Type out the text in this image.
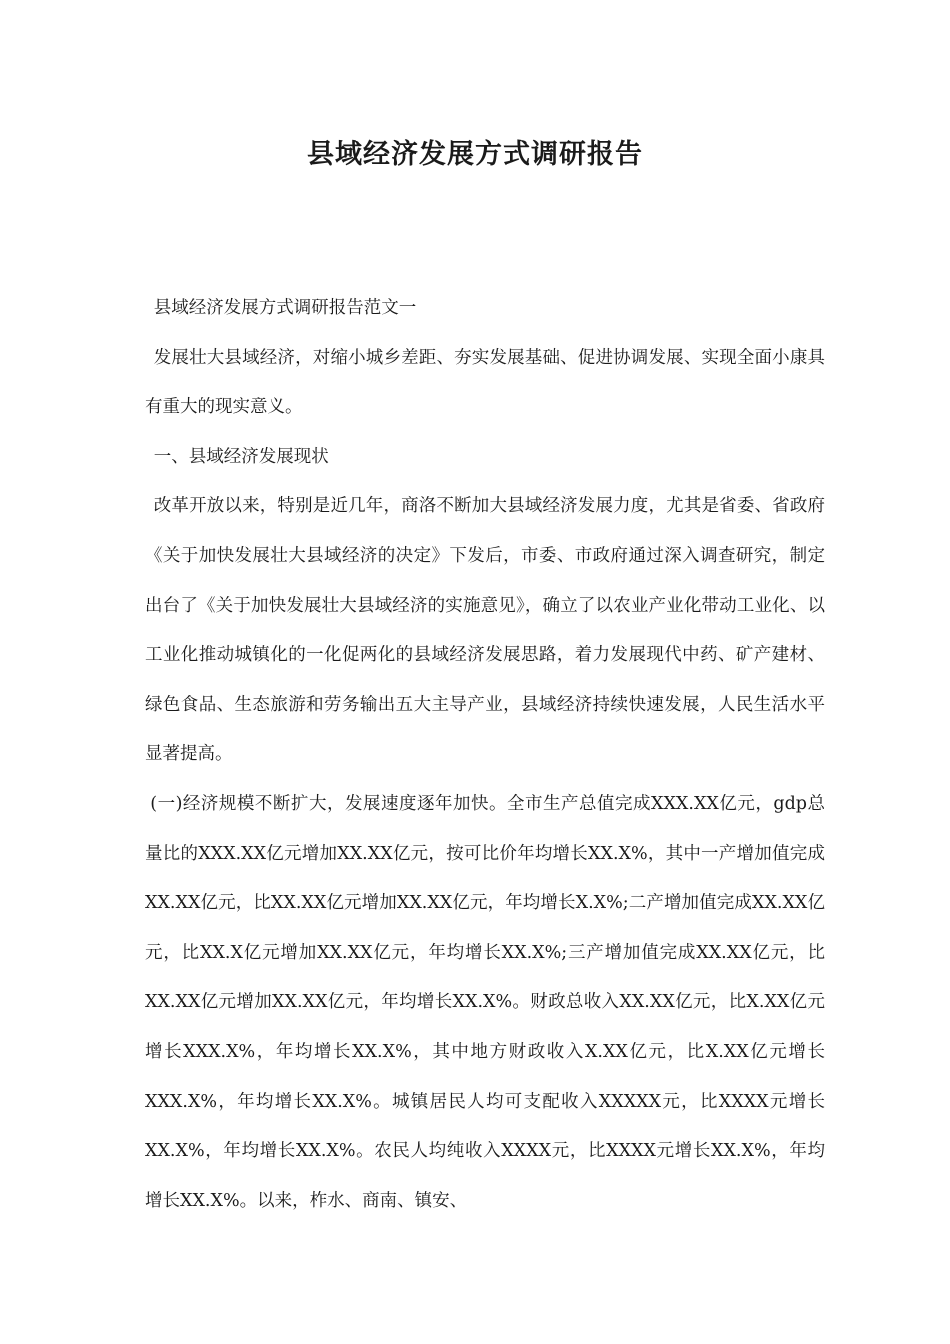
县域经济发展方式调研报告

县域经济发展方式调研报告范文一

发展壮大县域经济，对缩小城乡差距、夯实发展基础、促进协调发展、实现全面小康具有重大的现实意义。

一、县域经济发展现状

改革开放以来，特别是近几年，商洛不断加大县域经济发展力度，尤其是省委、省政府《关于加快发展壮大县域经济的决定》下发后，市委、市政府通过深入调查研究，制定出台了《关于加快发展壮大县域经济的实施意见》，确立了以农业产业化带动工业化、以工业化推动城镇化的一化促两化的县域经济发展思路，着力发展现代中药、矿产建材、绿色食品、生态旅游和劳务输出五大主导产业，县域经济持续快速发展，人民生活水平显著提高。

(一)经济规模不断扩大，发展速度逐年加快。全市生产总值完成XXX.XX亿元，gdp总量比的XXX.XX亿元增加XX.XX亿元，按可比价年均增长XX.X%，其中一产增加值完成XX.XX亿元，比XX.XX亿元增加XX.XX亿元，年均增长X.X%;二产增加值完成XX.XX亿元，比XX.X亿元增加XX.XX亿元，年均增长XX.X%;三产增加值完成XX.XX亿元，比XX.XX亿元增加XX.XX亿元，年均增长XX.X%。财政总收入XX.XX亿元，比X.XX亿元增长XXX.X%，年均增长XX.X%，其中地方财政收入X.XX亿元，比X.XX亿元增长XXX.X%，年均增长XX.X%。城镇居民人均可支配收入XXXXX元，比XXXX元增长XX.X%，年均增长XX.X%。农民人均纯收入XXXX元，比XXXX元增长XX.X%，年均增长XX.X%。以来，柞水、商南、镇安、
